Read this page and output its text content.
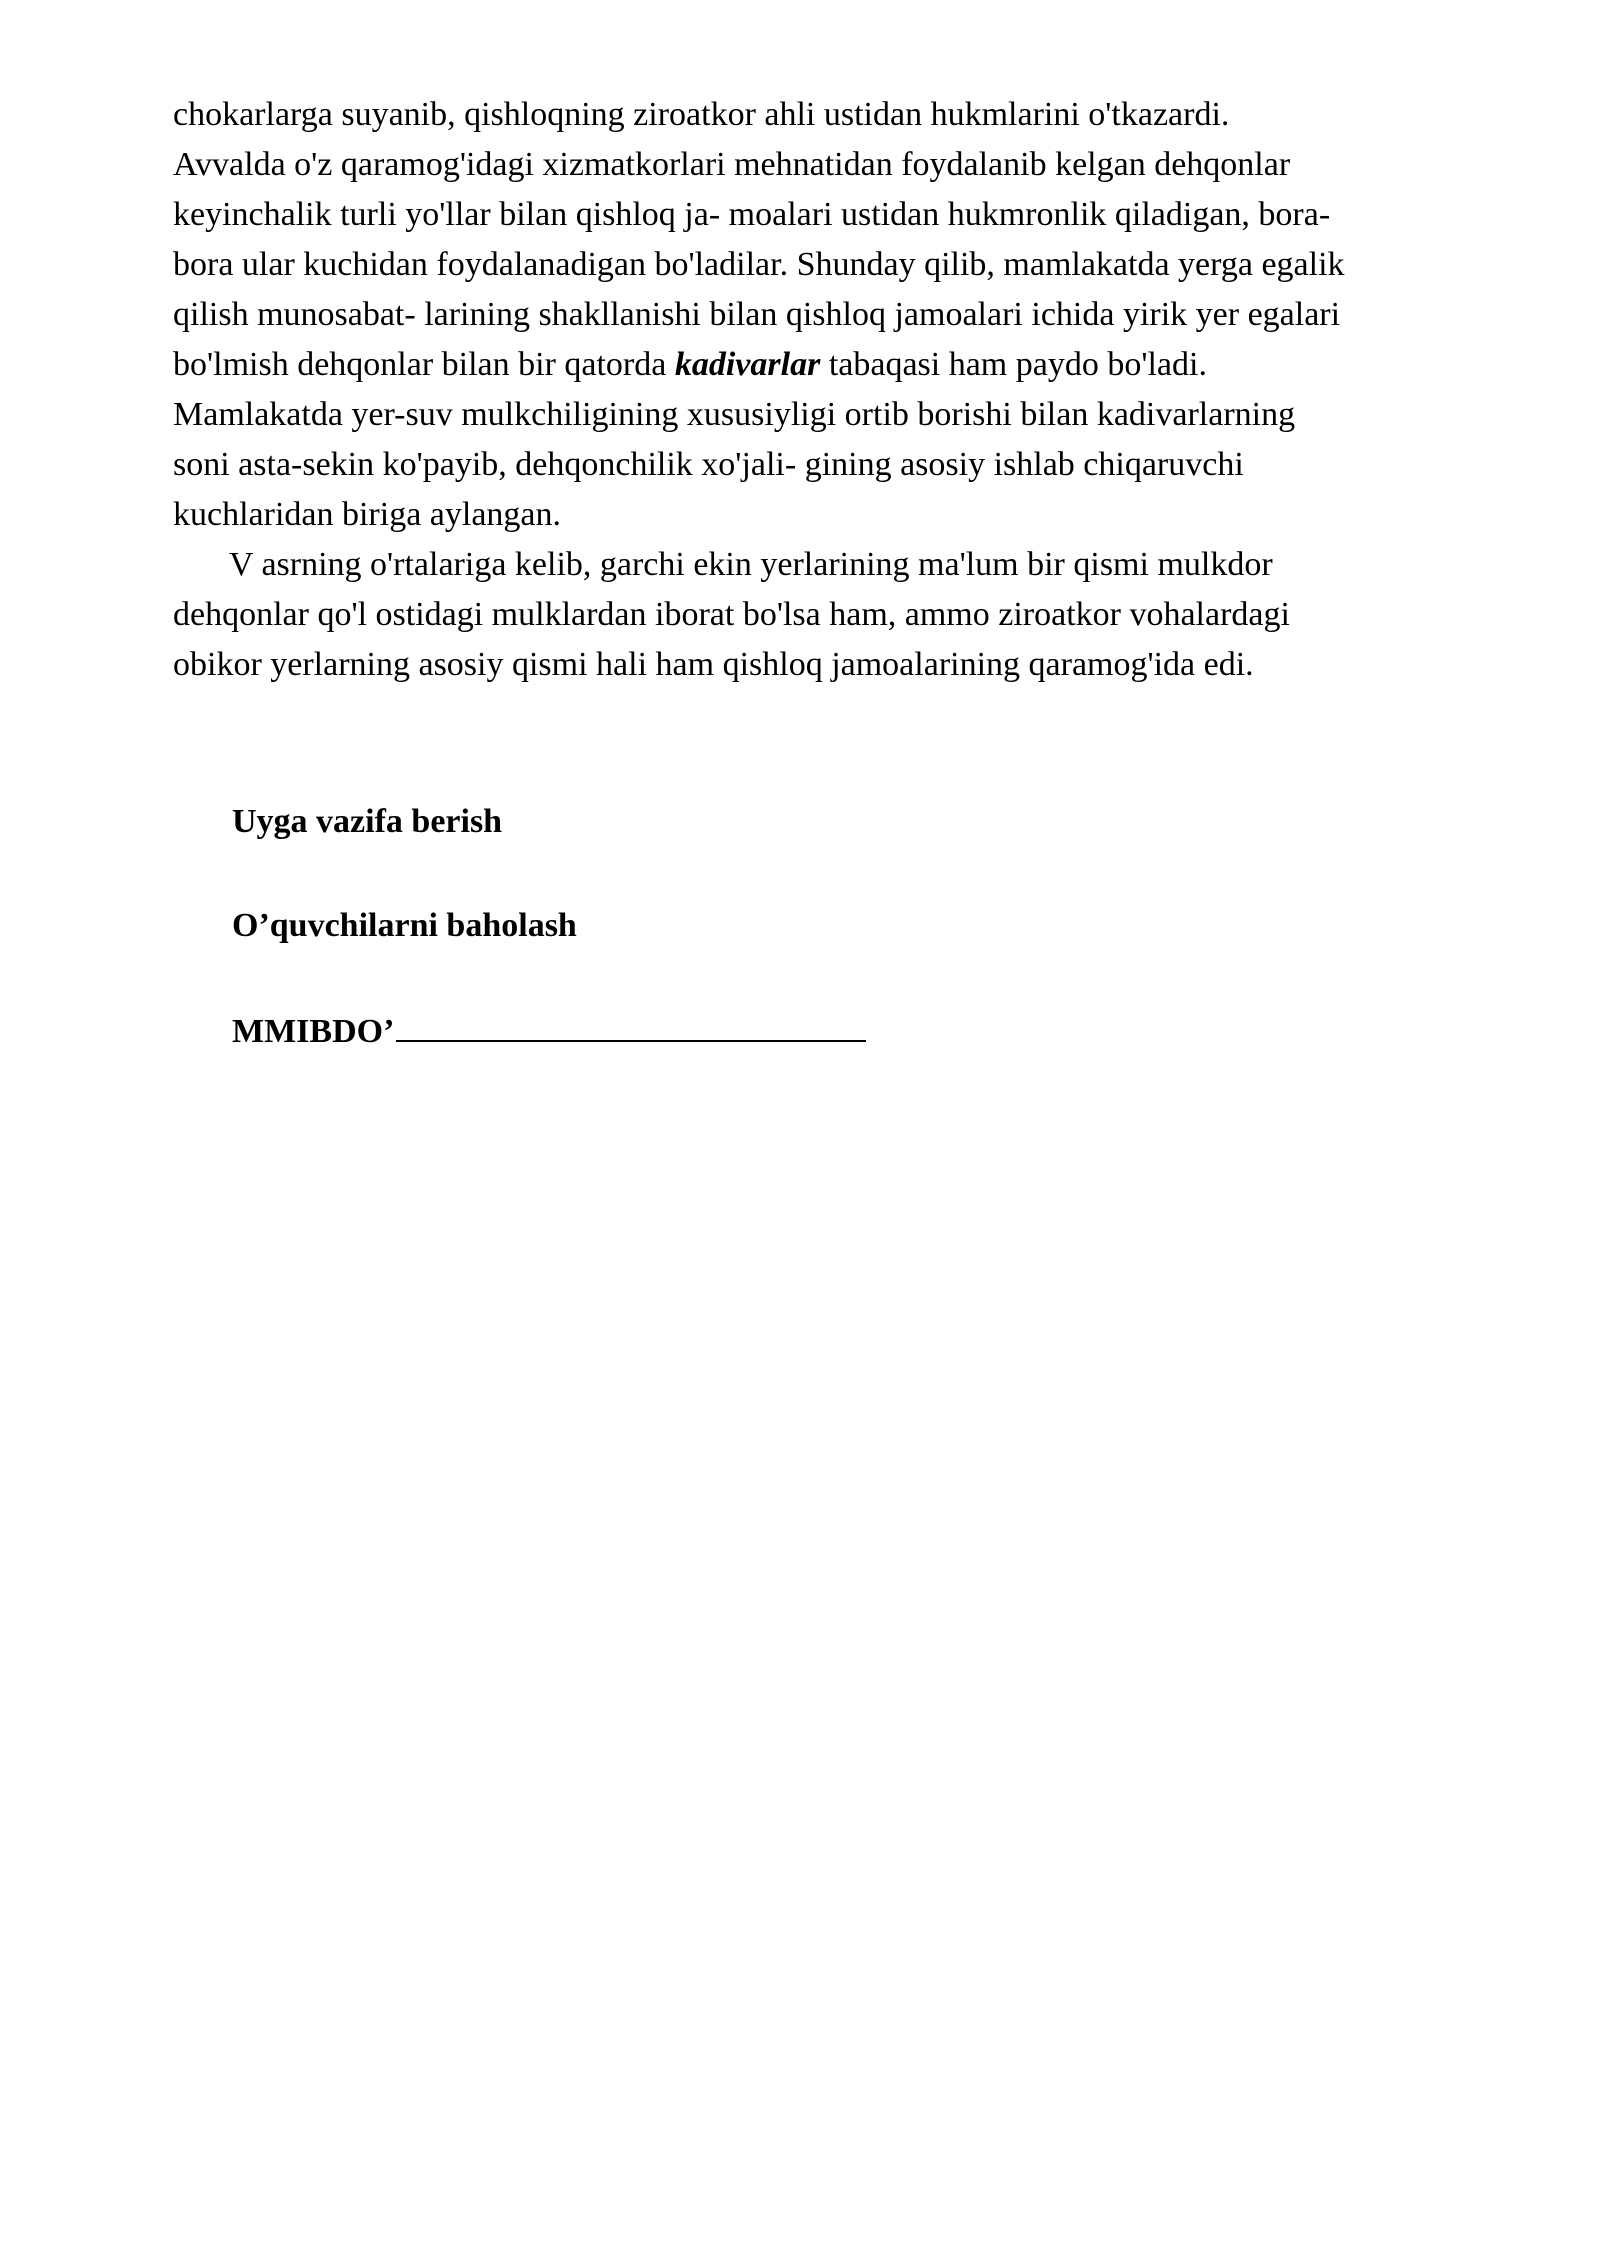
chokarlarga suyanib, qishloqning ziroatkor ahli ustidan hukmlarini o'tkazardi.
Avvalda o'z qaramog'idagi xizmatkorlari mehnatidan foydalanib kelgan dehqonlar
keyinchalik turli yo'llar bilan qishloq ja- moalari ustidan hukmronlik qiladigan, bora-
bora ular kuchidan foydalanadigan bo'ladilar. Shunday qilib, mamlakatda yerga egalik
qilish munosabat- larining shakllanishi bilan qishloq jamoalari ichida yirik yer egalari
bo'lmish dehqonlar bilan bir qatorda kadivarlar tabaqasi ham paydo bo'ladi.
Mamlakatda yer-suv mulkchiligining xususiyligi ortib borishi bilan kadivarlarning
soni asta-sekin ko'payib, dehqonchilik xo'jali- gining asosiy ishlab chiqaruvchi
kuchlaridan biriga aylangan.
V asrning o'rtalariga kelib, garchi ekin yerlarining ma'lum bir qismi mulkdor
dehqonlar qo'l ostidagi mulklardan iborat bo'lsa ham, ammo ziroatkor vohalardagi
obikor yerlarning asosiy qismi hali ham qishloq jamoalarining qaramog'ida edi.

Uyga vazifa berish

O’quvchilarni baholash

MMIBDO’
